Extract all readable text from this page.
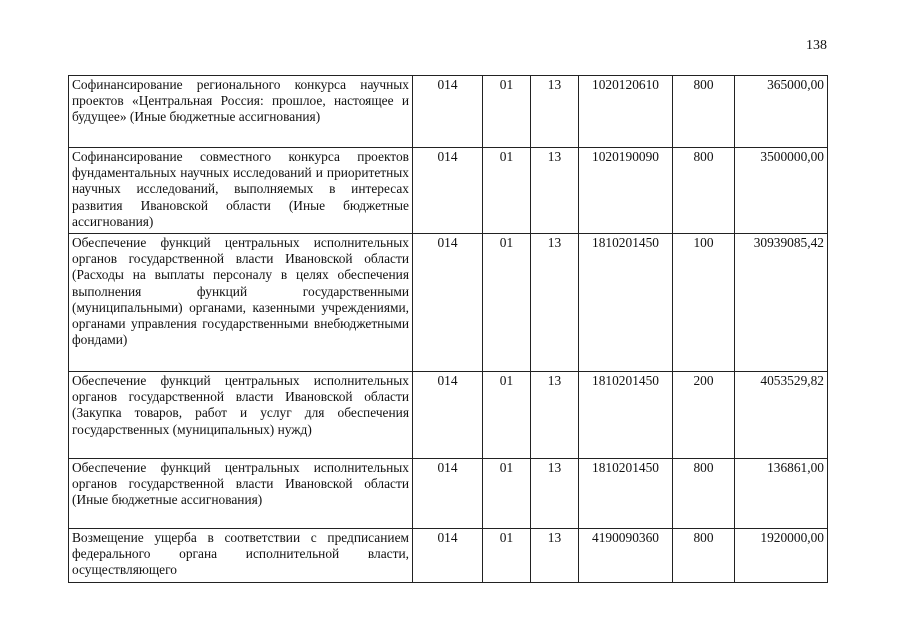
138
Софинансирование регионального конкурса научных проектов «Центральная Россия: прошлое, настоящее и будущее» (Иные бюджетные ассигнования)	014	01	13	1020120610	800	365000,00
Софинансирование совместного конкурса проектов фундаментальных научных исследований и приоритетных научных исследований, выполняемых в интересах развития Ивановской области (Иные бюджетные ассигнования)	014	01	13	1020190090	800	3500000,00
Обеспечение функций центральных исполнительных органов государственной власти Ивановской области (Расходы на выплаты персоналу в целях обеспечения выполнения функций государственными (муниципальными) органами, казенными учреждениями, органами управления государственными внебюджетными фондами)	014	01	13	1810201450	100	30939085,42
Обеспечение функций центральных исполнительных органов государственной власти Ивановской области (Закупка товаров, работ и услуг для обеспечения государственных (муниципальных) нужд)	014	01	13	1810201450	200	4053529,82
Обеспечение функций центральных исполнительных органов государственной власти Ивановской области (Иные бюджетные ассигнования)	014	01	13	1810201450	800	136861,00
Возмещение ущерба в соответствии с предписанием федерального органа исполнительной власти, осуществляющего	014	01	13	4190090360	800	1920000,00
